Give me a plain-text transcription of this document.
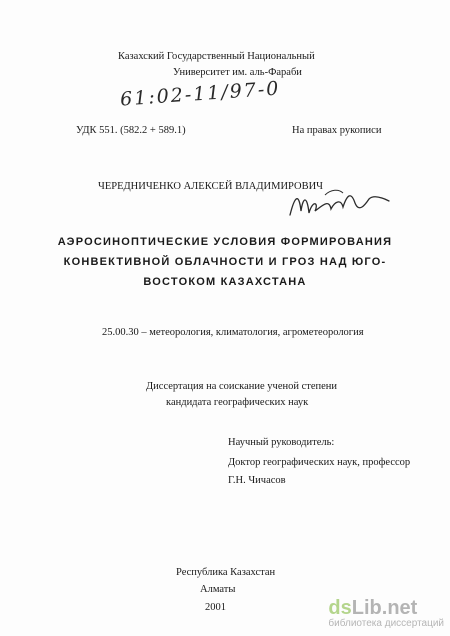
Казахский Государственный Национальный
Университет им. аль-Фараби
61:02-11/97-0
УДК 551. (582.2 + 589.1)	На правах рукописи
ЧЕРЕДНИЧЕНКО АЛЕКСЕЙ ВЛАДИМИРОВИЧ
АЭРОСИНОПТИЧЕСКИЕ УСЛОВИЯ ФОРМИРОВАНИЯ
КОНВЕКТИВНОЙ ОБЛАЧНОСТИ И ГРОЗ НАД ЮГО-
ВОСТОКОМ КАЗАХСТАНА
25.00.30 – метеорология, климатология, агрометеорология
Диссертация на соискание ученой степени
кандидата географических наук
Научный руководитель:
Доктор географических наук, профессор
Г.Н. Чичасов
Республика Казахстан
Алматы
2001	dsLib.net
библиотека диссертаций
